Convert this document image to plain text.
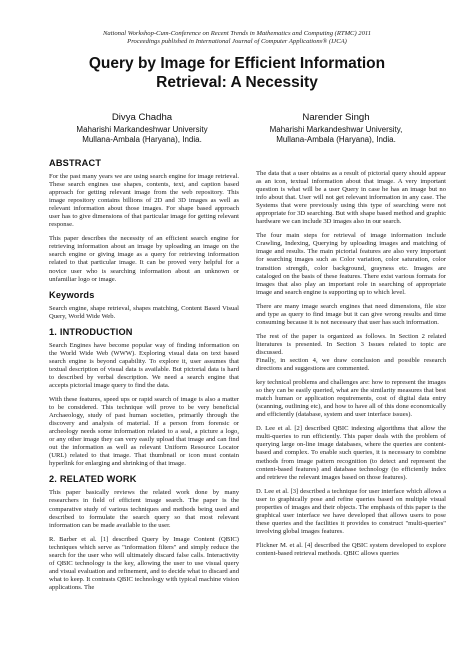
National Workshop-Cum-Conference on Recent Trends in Mathematics and Computing (RTMC) 2011
Proceedings published in International Journal of Computer Applications® (IJCA)
Query by Image for Efficient Information
Retrieval: A Necessity
Divya Chadha
Maharishi Markandeshwar University
Mullana-Ambala (Haryana), India.
Narender Singh
Maharishi Markandeshwar University,
Mullana-Ambala (Haryana), India.
ABSTRACT

For the past many years we are using search engine for image retrieval. These search engines use shapes, contents, text, and caption based approach for getting relevant image from the web repository. This image repository contains billions of 2D and 3D images as well as relevant information about those images. For shape based approach user has to give dimensions of that particular image for getting relevant response.

This paper describes the necessity of an efficient search engine for retrieving information about an image by uploading an image on the search engine or giving image as a query for retrieving information related to that particular image. It can be proved very helpful for a novice user who is searching information about an unknown or unfamiliar logo or image.

Keywords

Search engine, shape retrieval, shapes matching, Content Based Visual Query, World Wide Web.

1. INTRODUCTION

Search Engines have become popular way of finding information on the World Wide Web (WWW). Exploring visual data on text based search engine is beyond capability. To explore it, user assumes that textual description of visual data is available. But pictorial data is hard to described by verbal description. We need a search engine that accepts pictorial image query to find the data.

With these features, speed ups or rapid search of image is also a matter to be considered. This technique will prove to be very beneficial Archaeology, study of past human societies, primarily through the discovery and analysis of material. If a person from forensic or archeology needs some information related to a seal, a picture a logo, or any other image they can very easily upload that image and can find out the information as well as relevant Uniform Resource Locator (URL) related to that image. That thumbnail or icon must contain hyperlink for enlarging and shrinking of that image.

2. RELATED WORK

This paper basically reviews the related work done by many researchers in field of efficient image search. The paper is the comparative study of various techniques and methods being used and described to formulate the search query so that most relevant information can be made available to the user.

R. Barber et al. [1] described Query by Image Content (QBIC) techniques which serve as "information filters" and simply reduce the search for the user who will ultimately discard false calls. Interactivity of QBIC technology is the key, allowing the user to use visual query and visual evaluation and refinement, and to decide what to discard and what to keep. It contrasts QBIC technology with typical machine vision applications. The

The data that a user obtains as a result of pictorial query should appear as an icon, textual information about that image. A very important question is what will be a user Query in case he has an image but no info about that. User will not get relevant information in any case. The Systems that were previously using this type of searching were not appropriate for 3D searching. But with shape based method and graphic hardware we can include 3D images also in our search.

The four main steps for retrieval of image information include Crawling, Indexing, Querying by uploading images and matching of image and results. The main pictorial features are also very important for searching images such as Color variation, color saturation, color transition strength, color background, grayness etc. Images are cataloged on the basis of these features. There exist various formats for images that also play an important role in searching of appropriate image and search engine is supporting up to which level.

There are many image search engines that need dimensions, file size and type as query to find image but it can give wrong results and time consuming because it is not necessary that user has such information.

The rest of the paper is organized as follows. In Section 2 related literatures is presented. In Section 3 Issues related to topic are discussed.

Finally, in section 4, we draw conclusion and possible research directions and suggestions are commented.

key technical problems and challenges are: how to represent the images so they can be easily queried, what are the similarity measures that best match human or application requirements, cost of digital data entry (scanning, outlining etc), and how to have all of this done economically and efficiently (database, system and user interface issues).

D. Lee et al. [2] described QBIC indexing algorithms that allow the multi-queries to run efficiently. This paper deals with the problem of querying large on-line image databases, where the queries are content-based and complex. To enable such queries, it is necessary to combine methods from image pattern recognition (to detect and represent the content-based features) and database technology (to efficiently index and retrieve the relevant images based on those features).

D. Lee et al. [3] described a technique for user interface which allows a user to graphically pose and refine queries based on multiple visual properties of images and their objects. The emphasis of this paper is the graphical user interface we have developed that allows users to pose these queries and the facilities it provides to construct "multi-queries" involving global images features.

Flickner M. et al. [4] described the QBIC system developed to explore content-based retrieval methods. QBIC allows queries
